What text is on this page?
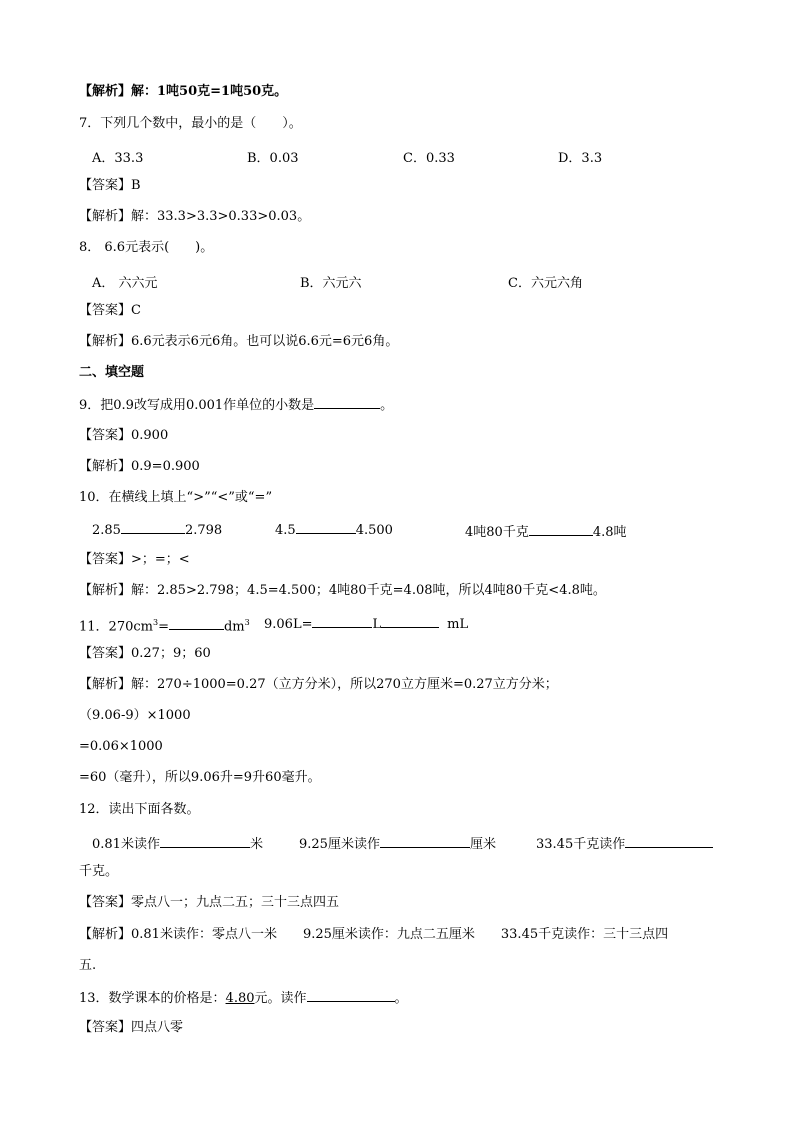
【解析】解：1吨50克=1吨50克。
7．下列几个数中，最小的是（　　）。
A．33.3	B．0.03	C．0.33	D．3.3
【答案】B
【解析】解：33.3>3.3>0.33>0.03。
8． 6.6元表示(　　)。
A． 六六元	B．六元六	C．六元六角
【答案】C
【解析】6.6元表示6元6角。也可以说6.6元=6元6角。
二、填空题
9．把0.9改写成用0.001作单位的小数是	。
【答案】0.900
【解析】0.9=0.900
10．在横线上填上“>”“<”或“=”
2.85	2.798	4.5	4.500	4吨80千克	4.8吨
【答案】>；=；<
【解析】解：2.85>2.798；4.5=4.500；4吨80千克=4.08吨，所以4吨80千克<4.8吨。
11．$270cm^3=$	$dm^3$ 9.06L=	L	mL
【答案】0.27；9；60
【解析】解：270÷1000=0.27（立方分米），所以270立方厘米=0.27立方分米；
（9.06-9）×1000
=0.06×1000
=60（毫升），所以9.06升=9升60毫升。
12．读出下面各数。
0.81米读作	米	9.25厘米读作	厘米	33.45千克读作
千克。
【答案】零点八一；九点二五；三十三点四五
【解析】0.81米读作：零点八一米　　9.25厘米读作：九点二五厘米　　33.45千克读作：三十三点四
五.
13．数学课本的价格是：4.80元。读作	。
【答案】四点八零
